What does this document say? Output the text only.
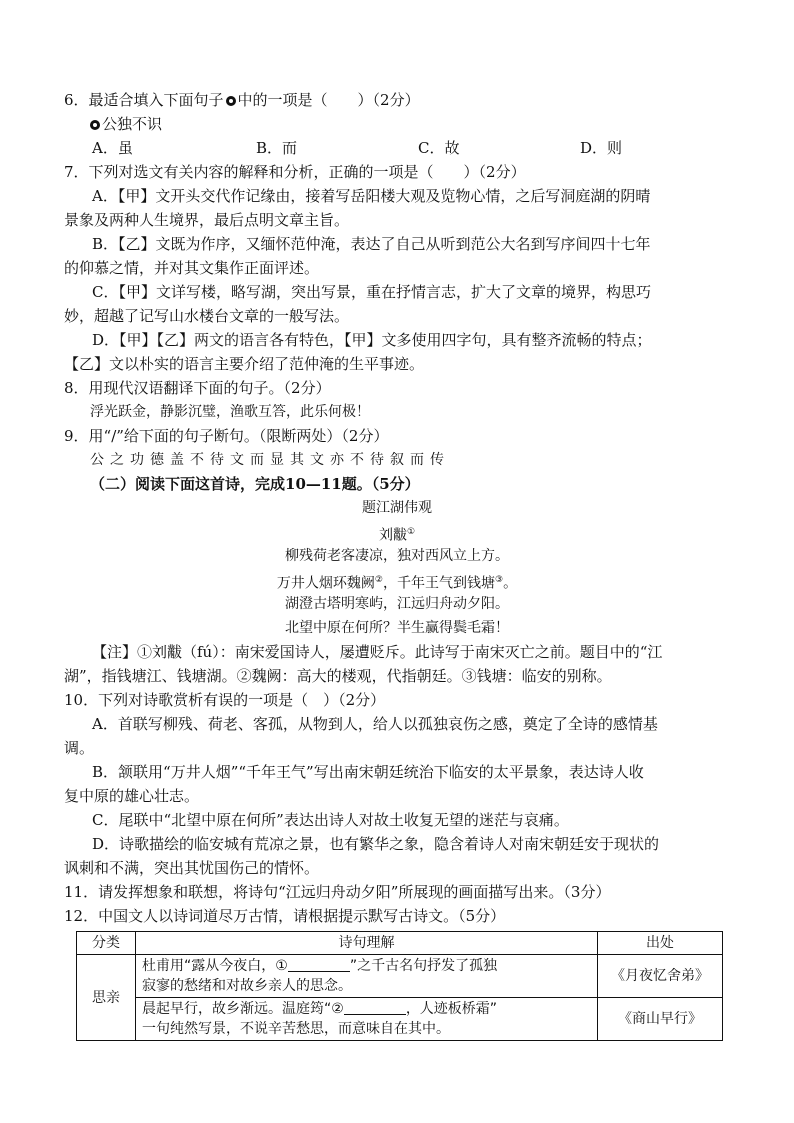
6．最适合填入下面句子 中的一项是（　　）（2分）
公独不识
A．虽	B．而	C．故	D．则
7．下列对选文有关内容的解释和分析，正确的一项是（　　）（2分）
A．【甲】文开头交代作记缘由，接着写岳阳楼大观及览物心情，之后写洞庭湖的阴晴
景象及两种人生境界，最后点明文章主旨。
B．【乙】文既为作序，又缅怀范仲淹，表达了自己从听到范公大名到写序间四十七年
的仰慕之情，并对其文集作正面评述。
C．【甲】文详写楼，略写湖，突出写景，重在抒情言志，扩大了文章的境界，构思巧
妙，超越了记写山水楼台文章的一般写法。
D．【甲】【乙】两文的语言各有特色，【甲】文多使用四字句，具有整齐流畅的特点；
【乙】文以朴实的语言主要介绍了范仲淹的生平事迹。
8．用现代汉语翻译下面的句子。（2分）
浮光跃金，静影沉璧，渔歌互答，此乐何极！
9．用“/”给下面的句子断句。（限断两处）（2分）
公之功德盖不待文而显其文亦不待叙而传
（二）阅读下面这首诗，完成10—11题。（5分）
题江湖伟观
刘黻①
柳残荷老客凄凉，独对西风立上方。
万井人烟环魏阙②，千年王气到钱塘③。
湖澄古塔明寒屿，江远归舟动夕阳。
北望中原在何所？半生赢得鬓毛霜！
【注】①刘黻（fú）：南宋爱国诗人，屡遭贬斥。此诗写于南宋灭亡之前。题目中的“江
湖”，指钱塘江、钱塘湖。②魏阙：高大的楼观，代指朝廷。③钱塘：临安的别称。
10．下列对诗歌赏析有误的一项是（　）（2分）
A．首联写柳残、荷老、客孤，从物到人，给人以孤独哀伤之感，奠定了全诗的感情基
调。
B．颔联用“万井人烟”“千年王气”写出南宋朝廷统治下临安的太平景象，表达诗人收
复中原的雄心壮志。
C．尾联中“北望中原在何所”表达出诗人对故土收复无望的迷茫与哀痛。
D．诗歌描绘的临安城有荒凉之景，也有繁华之象，隐含着诗人对南宋朝廷安于现状的
讽刺和不满，突出其忧国伤己的情怀。
11．请发挥想象和联想，将诗句“江远归舟动夕阳”所展现的画面描写出来。（3分）
12．中国文人以诗词道尽万古情，请根据提示默写古诗文。（5分）
分类	诗句理解	出处
思亲	杜甫用“露从今夜白，① ”之千古名句抒发了孤独
寂寥的愁绪和对故乡亲人的思念。	《月夜忆舍弟》
	晨起早行，故乡渐远。温庭筠“② ，人迹板桥霜”
一句纯然写景，不说辛苦愁思，而意味自在其中。	《商山早行》
